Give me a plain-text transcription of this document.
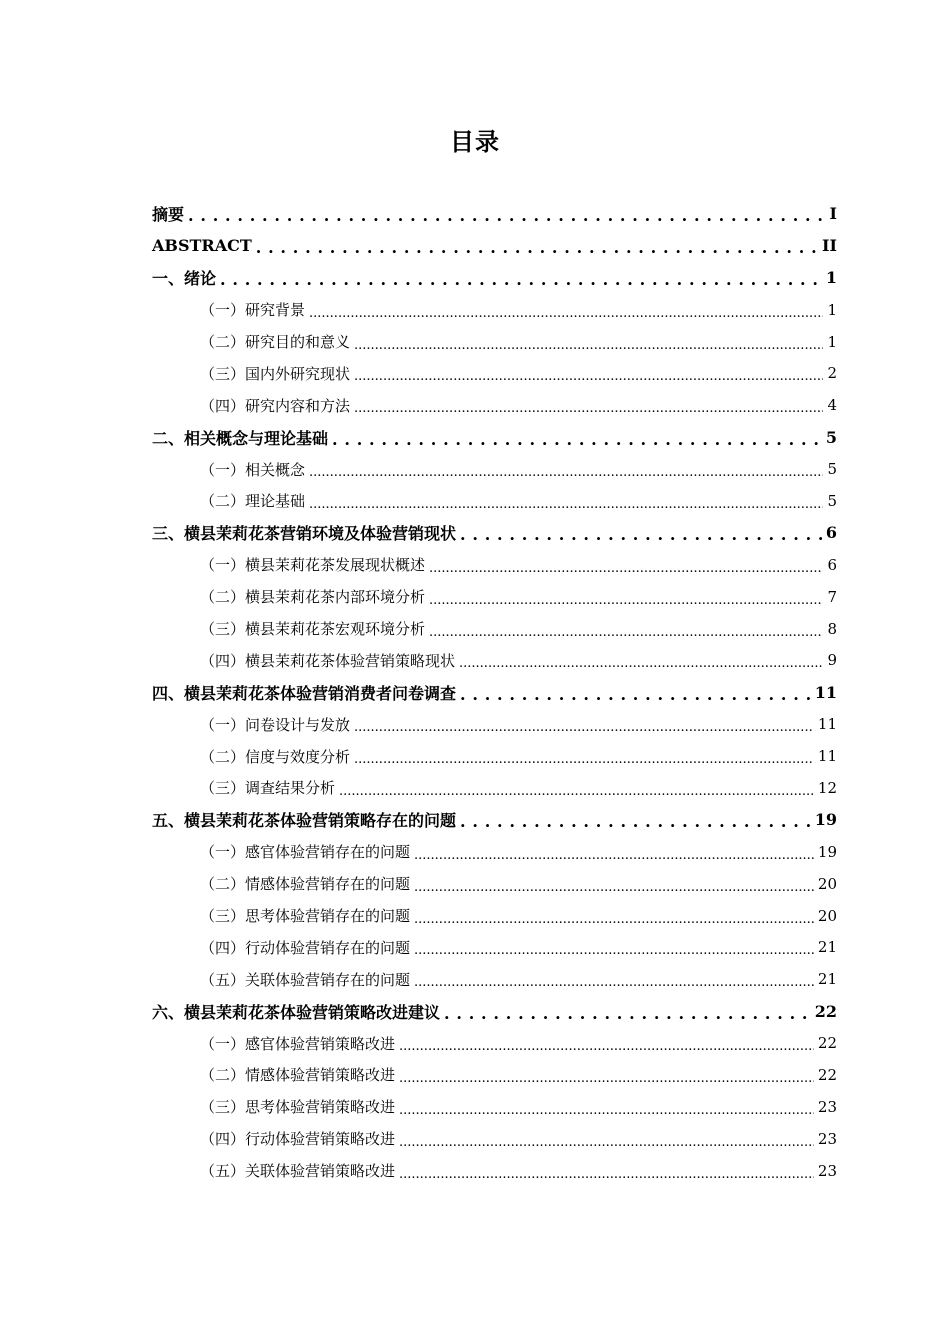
目录
摘要 . . .	I
ABSTRACT . . .	II
一、 绪论 . . .	1
（一）研究背景 .....	1
（二）研究目的和意义 .....	1
（三）国内外研究现状 .....	2
（四）研究内容和方法 .....	4
二、 相关概念与理论基础 . . .	5
（一）相关概念 .....	5
（二）理论基础 .....	5
三、 横县茉莉花茶营销环境及体验营销现状 . . .	6
（一）横县茉莉花茶发展现状概述 .....	6
（二）横县茉莉花茶内部环境分析 .....	7
（三）横县茉莉花茶宏观环境分析 .....	8
（四）横县茉莉花茶体验营销策略现状 .....	9
四、 横县茉莉花茶体验营销消费者问卷调查 . . .	11
（一）问卷设计与发放 .....	11
（二）信度与效度分析 .....	11
（三）调查结果分析 .....	12
五、 横县茉莉花茶体验营销策略存在的问题 . . .	19
（一）感官体验营销存在的问题 .....	19
（二）情感体验营销存在的问题 .....	20
（三）思考体验营销存在的问题 .....	20
（四）行动体验营销存在的问题 .....	21
（五）关联体验营销存在的问题 .....	21
六、 横县茉莉花茶体验营销策略改进建议 . . .	22
（一）感官体验营销策略改进 .....	22
（二）情感体验营销策略改进 .....	22
（三）思考体验营销策略改进 .....	23
（四）行动体验营销策略改进 .....	23
（五）关联体验营销策略改进 .....	23
